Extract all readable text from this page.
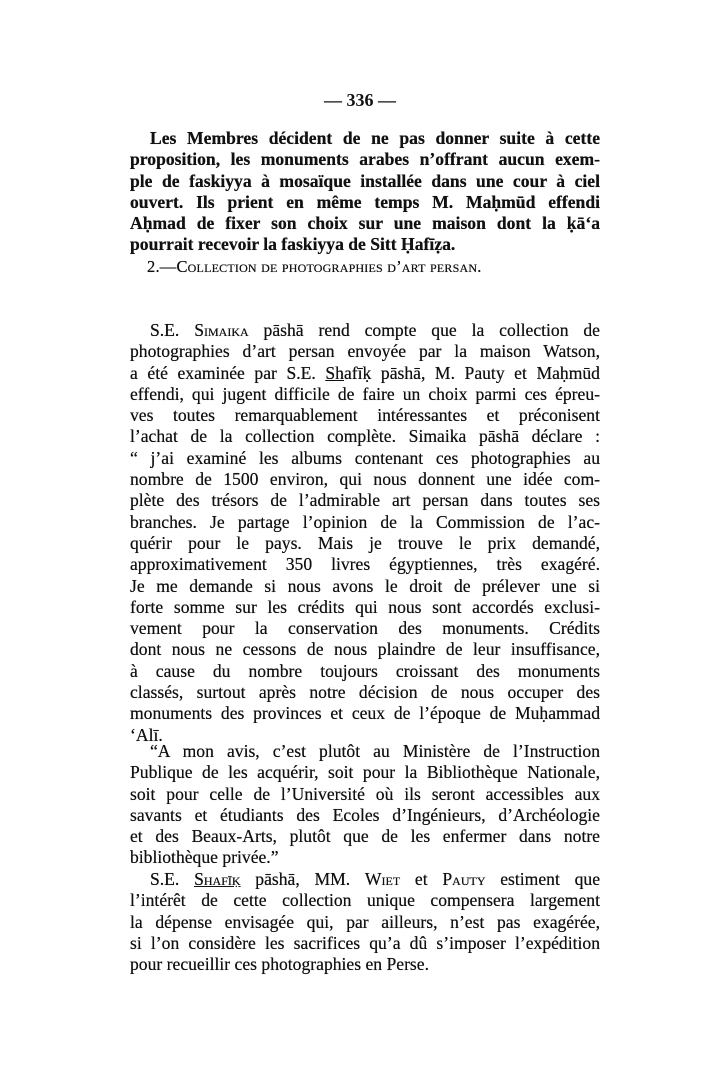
— 336 —
Les Membres décident de ne pas donner suite à cette
proposition, les monuments arabes n’offrant aucun exem-
ple de faskiyya à mosaïque installée dans une cour à ciel
ouvert. Ils prient en même temps M. Maḥmūd effendi
Aḥmad de fixer son choix sur une maison dont la ḳā‘a
pourrait recevoir la faskiyya de Sitt Ḥafīẓa.
2.—Collection de photographies d’art persan.
S.E. Simaika pāshā rend compte que la collection de
photographies d’art persan envoyée par la maison Watson,
a été examinée par S.E. Shafīḳ pāshā, M. Pauty et Maḥmūd
effendi, qui jugent difficile de faire un choix parmi ces épreu-
ves toutes remarquablement intéressantes et préconisent
l’achat de la collection complète. Simaika pāshā déclare :
“ j’ai examiné les albums contenant ces photographies au
nombre de 1500 environ, qui nous donnent une idée com-
plète des trésors de l’admirable art persan dans toutes ses
branches. Je partage l’opinion de la Commission de l’ac-
quérir pour le pays. Mais je trouve le prix demandé,
approximativement 350 livres égyptiennes, très exagéré.
Je me demande si nous avons le droit de prélever une si
forte somme sur les crédits qui nous sont accordés exclusi-
vement pour la conservation des monuments. Crédits
dont nous ne cessons de nous plaindre de leur insuffisance,
à cause du nombre toujours croissant des monuments
classés, surtout après notre décision de nous occuper des
monuments des provinces et ceux de l’époque de Muḥammad
‘Alī.
“A mon avis, c’est plutôt au Ministère de l’Instruction
Publique de les acquérir, soit pour la Bibliothèque Nationale,
soit pour celle de l’Université où ils seront accessibles aux
savants et étudiants des Ecoles d’Ingénieurs, d’Archéologie
et des Beaux-Arts, plutôt que de les enfermer dans notre
bibliothèque privée.”
S.E. Shafīḳ pāshā, MM. Wiet et Pauty estiment que
l’intérêt de cette collection unique compensera largement
la dépense envisagée qui, par ailleurs, n’est pas exagérée,
si l’on considère les sacrifices qu’a dû s’imposer l’expédition
pour recueillir ces photographies en Perse.
